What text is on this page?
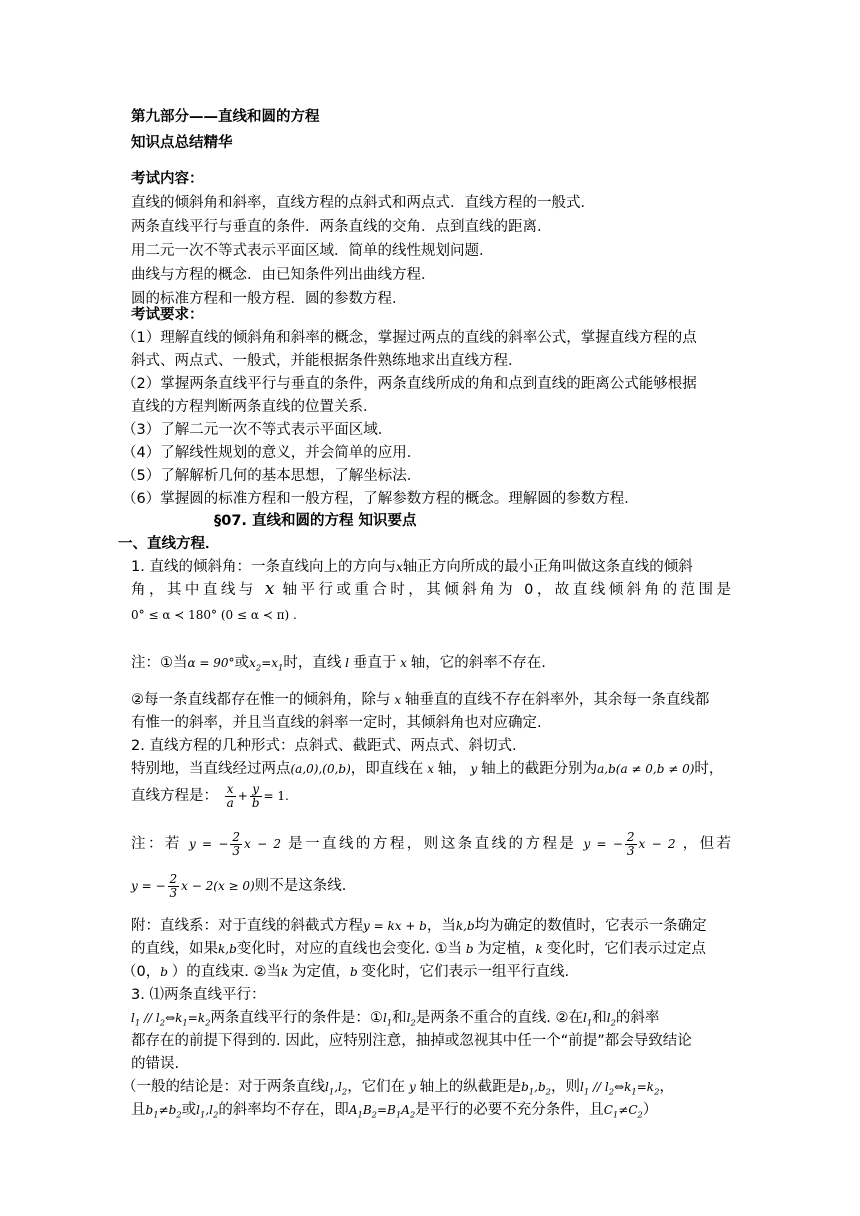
第九部分——直线和圆的方程
知识点总结精华
考试内容：
直线的倾斜角和斜率，直线方程的点斜式和两点式．直线方程的一般式．
两条直线平行与垂直的条件．两条直线的交角．点到直线的距离．
用二元一次不等式表示平面区域．简单的线性规划问题．
曲线与方程的概念．由已知条件列出曲线方程．
圆的标准方程和一般方程．圆的参数方程．
考试要求：
（1）理解直线的倾斜角和斜率的概念，掌握过两点的直线的斜率公式，掌握直线方程的点
斜式、两点式、一般式，并能根据条件熟练地求出直线方程．
（2）掌握两条直线平行与垂直的条件，两条直线所成的角和点到直线的距离公式能够根据
直线的方程判断两条直线的位置关系．
（3）了解二元一次不等式表示平面区域．
（4）了解线性规划的意义，并会简单的应用．
（5）了解解析几何的基本思想，了解坐标法．
（6）掌握圆的标准方程和一般方程，了解参数方程的概念。理解圆的参数方程．
§07. 直线和圆的方程 知识要点
一、直线方程．
1. 直线的倾斜角：一条直线向上的方向与x轴正方向所成的最小正角叫做这条直线的倾斜
角，其中直线与 x 轴平行或重合时，其倾斜角为 0，故直线倾斜角的范围是
0° ≤ α ≺ 180° (0 ≤ α ≺ π) .
注：①当α = 90°或$x_2=x_1$时，直线 l 垂直于 x 轴，它的斜率不存在.
②每一条直线都存在惟一的倾斜角，除与 x 轴垂直的直线不存在斜率外，其余每一条直线都
有惟一的斜率，并且当直线的斜率一定时，其倾斜角也对应确定.
2. 直线方程的几种形式：点斜式、截距式、两点式、斜切式.
特别地，当直线经过两点(a,0),(0,b)，即直线在 x 轴， y 轴上的截距分别为a,b(a ≠ 0,b ≠ 0)时，
直线方程是： $\frac{x}{a} + \frac{y}{b} = 1$.
注：若 y = − $\frac{2}{3}$ x − 2 是一直线的方程，则这条直线的方程是 y = − $\frac{2}{3}$ x − 2 ，但若
y = − $\frac{2}{3}$ x − 2(x ≥ 0)则不是这条线.
附：直线系：对于直线的斜截式方程y = kx + b，当k,b均为确定的数值时，它表示一条确定
的直线，如果k,b变化时，对应的直线也会变化. ①当 b 为定植，k 变化时，它们表示过定点
（0，b ）的直线束. ②当k 为定值，b 变化时，它们表示一组平行直线.
3. ⑴两条直线平行：
$l_1$ // $l_2\Leftrightarrow k_1=k_2$两条直线平行的条件是：$①l_1$和$l_2$是两条不重合的直线. ②在$l_1$和$l_2$的斜率
都存在的前提下得到的. 因此，应特别注意，抽掉或忽视其中任一个“前提”都会导致结论
的错误.
（一般的结论是：对于两条直线$l_1,l_2$，它们在 y 轴上的纵截距是$b_1,b_2$，则$l_1$ // $l_2\Leftrightarrow k_1=k_2$，
且$b_1\ne b_2$或$l_1,l_2$的斜率均不存在，即$A_1B_2=B_1A_2$是平行的必要不充分条件，且$C_1\ne C_2$）
